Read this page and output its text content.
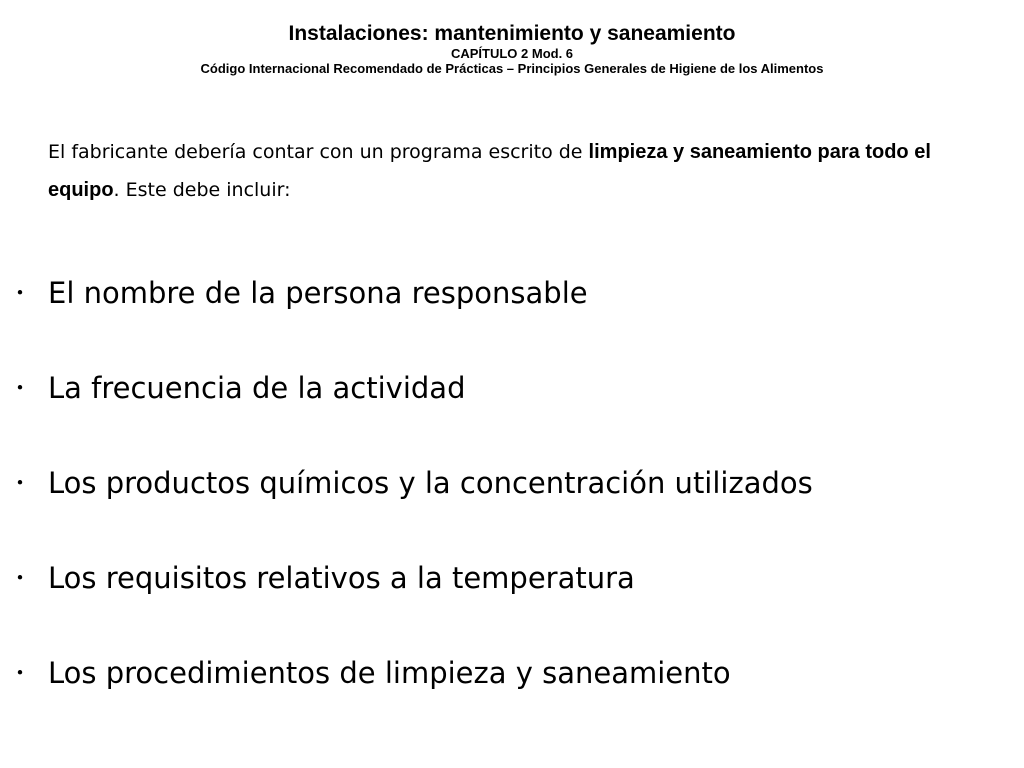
Instalaciones: mantenimiento y saneamiento
CAPÍTULO 2 Mod. 6
Código Internacional Recomendado de Prácticas – Principios Generales de Higiene de los Alimentos
El fabricante debería contar con un programa escrito de limpieza y saneamiento para todo el equipo. Este debe incluir:
・ El nombre de la persona responsable
・ La frecuencia de la actividad
・ Los productos químicos y la concentración utilizados
・ Los requisitos relativos a la temperatura
・ Los procedimientos de limpieza y saneamiento
